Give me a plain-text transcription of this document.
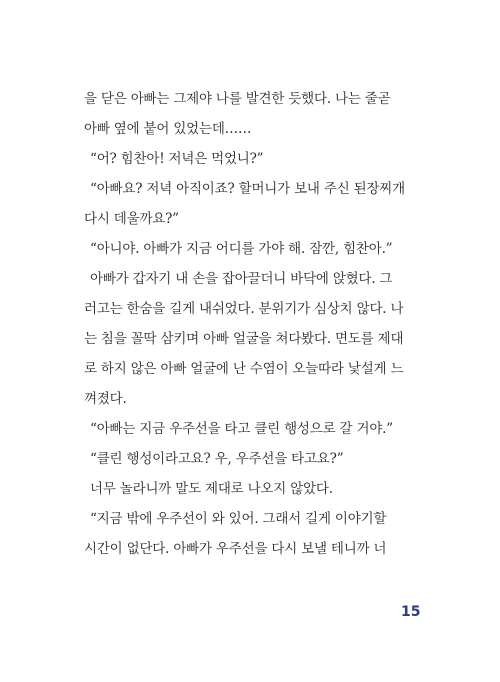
을 닫은 아빠는 그제야 나를 발견한 듯했다. 나는 줄곧
아빠 옆에 붙어 있었는데……
“어? 힘찬아! 저녁은 먹었니?”
“아빠요? 저녁 아직이죠? 할머니가 보내 주신 된장찌개
다시 데울까요?”
“아니야. 아빠가 지금 어디를 가야 해. 잠깐, 힘찬아.”
아빠가 갑자기 내 손을 잡아끌더니 바닥에 앉혔다. 그
러고는 한숨을 길게 내쉬었다. 분위기가 심상치 않다. 나
는 침을 꼴딱 삼키며 아빠 얼굴을 쳐다봤다. 면도를 제대
로 하지 않은 아빠 얼굴에 난 수염이 오늘따라 낯설게 느
껴졌다.
“아빠는 지금 우주선을 타고 클린 행성으로 갈 거야.”
“클린 행성이라고요? 우, 우주선을 타고요?”
너무 놀라니까 말도 제대로 나오지 않았다.
“지금 밖에 우주선이 와 있어. 그래서 길게 이야기할
시간이 없단다. 아빠가 우주선을 다시 보낼 테니까 너
15
